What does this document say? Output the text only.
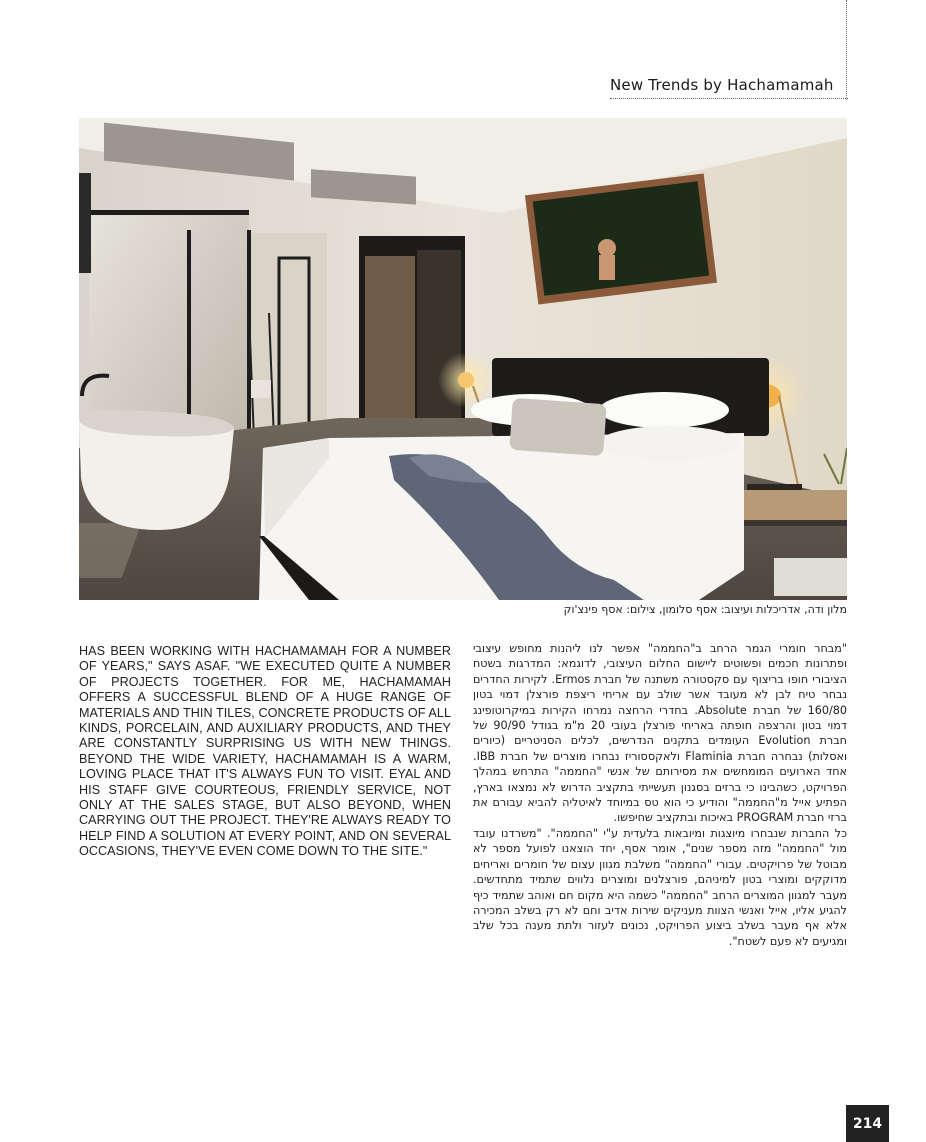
New Trends by Hachamamah
מלון ודה, אדריכלות ועיצוב: אסף סלומון, צילום: אסף פינצ'וק
HAS BEEN WORKING WITH HACHAMAMAH FOR A NUMBER OF YEARS," SAYS ASAF. "WE EXECUTED QUITE A NUMBER OF PROJECTS TOGETHER. FOR ME, HACHAMAMAH OFFERS A SUCCESSFUL BLEND OF A HUGE RANGE OF MATERIALS AND THIN TILES, CONCRETE PRODUCTS OF ALL KINDS, PORCELAIN, AND AUXILIARY PRODUCTS, AND THEY ARE CONSTANTLY SURPRISING US WITH NEW THINGS. BEYOND THE WIDE VARIETY, HACHAMAMAH IS A WARM, LOVING PLACE THAT IT'S ALWAYS FUN TO VISIT. EYAL AND HIS STAFF GIVE COURTEOUS, FRIENDLY SERVICE, NOT ONLY AT THE SALES STAGE, BUT ALSO BEYOND, WHEN CARRYING OUT THE PROJECT. THEY'RE ALWAYS READY TO HELP FIND A SOLUTION AT EVERY POINT, AND ON SEVERAL OCCASIONS, THEY'VE EVEN COME DOWN TO THE SITE."

"מבחר חומרי הגמר הרחב ב"החממה" אפשר לנו ליהנות מחופש עיצובי ופתרונות חכמים ופשוטים ליישום החלום העיצובי, לדוגמא: המדרגות בשטח הציבורי חופו בריצוף עם סקסטורה משתנה של חברת Ermos. לקירות החדרים נבחר טיח לבן לא מעובד אשר שולב עם אריחי ריצפת פורצלן דמוי בטון 160/80 של חברת Absolute. בחדרי הרחצה נמרחו הקירות במיקרוטופינג דמוי בטון והרצפה חופתה באריחי פורצלן בעובי 20 מ"מ בגודל 90/90 של חברת Evolution העומדים בתקנים הנדרשים, לכלים הסניטריים (כיורים ואסלות) נבחרה חברת Flaminia ולאקססוריז נבחרו מוצרים של חברת IBB. אחד הארועים המומחשים את מסירותם של אנשי "החממה" התרחש במהלך הפרויקט, כשהבינו כי ברזים בסגנון תעשייתי בתקציב הדרוש לא נמצאו בארץ, הפתיע אייל מ"החממה" והודיע כי הוא טס במיוחד לאיטליה להביא עבורם את ברזי חברת PROGRAM באיכות ובתקציב שחיפשו.

כל החברות שנבחרו מיוצגות ומיובאות בלעדית ע"י "החממה". "משרדנו עובד מול "החממה" מזה מספר שנים", אומר אסף, יחד הוצאנו לפועל מספר לא מבוטל של פרויקטים. עבורי "החממה" משלבת מגוון עצום של חומרים ואריחים מדוקקים ומוצרי בטון למיניהם, פורצלנים ומוצרים נלווים שתמיד מתחדשים. מעבר למגוון המוצרים הרחב "החממה" כשמה היא מקום חם ואוהב שתמיד כיף להגיע אליו, אייל ואנשי הצוות מעניקים שירות אדיב וחם לא רק בשלב המכירה אלא אף מעבר בשלב ביצוע הפרויקט, נכונים לעזור ולתת מענה בכל שלב ומגיעים לא פעם לשטח".

214
